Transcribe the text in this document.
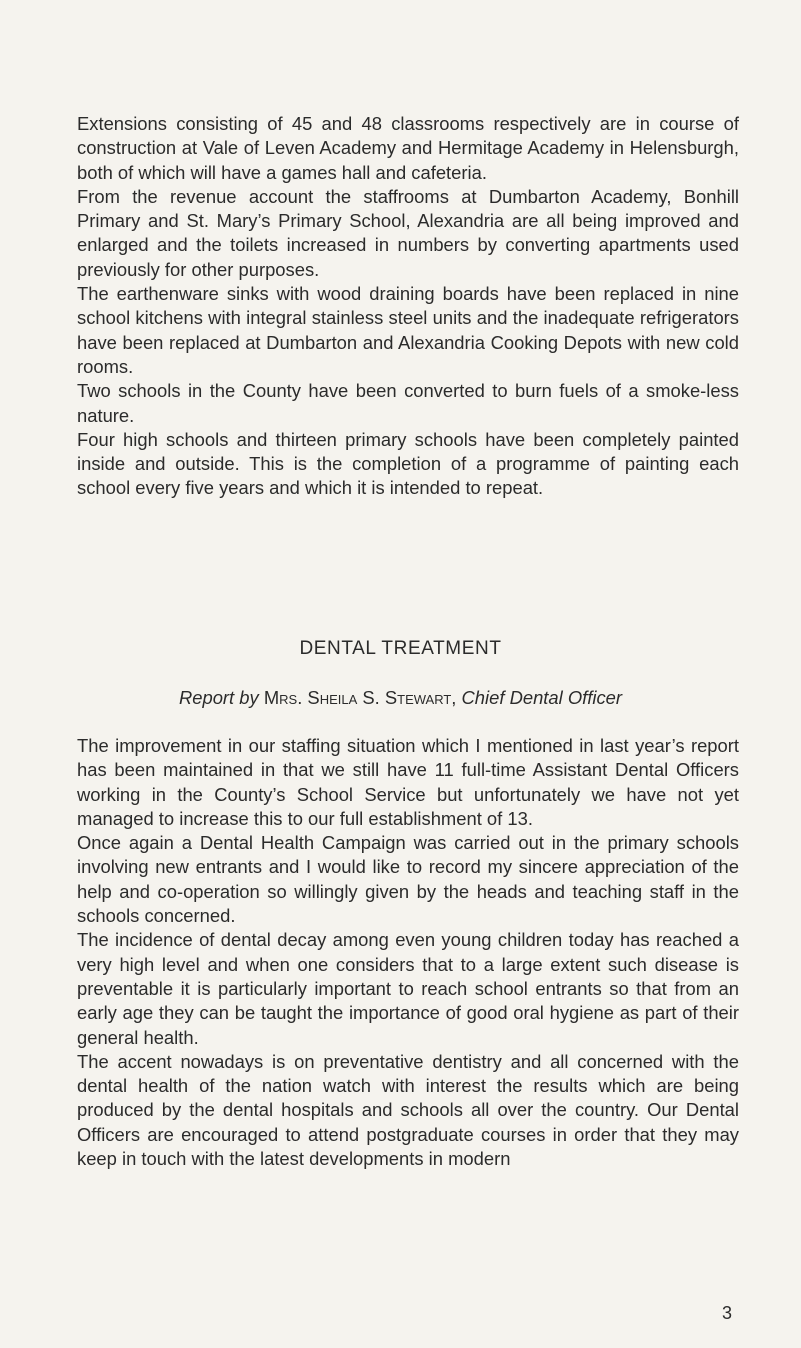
Extensions consisting of 45 and 48 classrooms respectively are in course of construction at Vale of Leven Academy and Hermitage Academy in Helensburgh, both of which will have a games hall and cafeteria.

From the revenue account the staffrooms at Dumbarton Academy, Bonhill Primary and St. Mary’s Primary School, Alexandria are all being improved and enlarged and the toilets increased in numbers by converting apartments used previously for other purposes.

The earthenware sinks with wood draining boards have been replaced in nine school kitchens with integral stainless steel units and the inadequate refrigerators have been replaced at Dumbarton and Alexandria Cooking Depots with new cold rooms.

Two schools in the County have been converted to burn fuels of a smoke-less nature.

Four high schools and thirteen primary schools have been completely painted inside and outside. This is the completion of a programme of painting each school every five years and which it is intended to repeat.

DENTAL TREATMENT
Report by Mrs. Sheila S. Stewart, Chief Dental Officer

The improvement in our staffing situation which I mentioned in last year’s report has been maintained in that we still have 11 full-time Assistant Dental Officers working in the County’s School Service but unfortunately we have not yet managed to increase this to our full establishment of 13.

Once again a Dental Health Campaign was carried out in the primary schools involving new entrants and I would like to record my sincere appreciation of the help and co-operation so willingly given by the heads and teaching staff in the schools concerned.

The incidence of dental decay among even young children today has reached a very high level and when one considers that to a large extent such disease is preventable it is particularly important to reach school entrants so that from an early age they can be taught the importance of good oral hygiene as part of their general health.

The accent nowadays is on preventative dentistry and all concerned with the dental health of the nation watch with interest the results which are being produced by the dental hospitals and schools all over the country. Our Dental Officers are encouraged to attend postgraduate courses in order that they may keep in touch with the latest developments in modern

3
